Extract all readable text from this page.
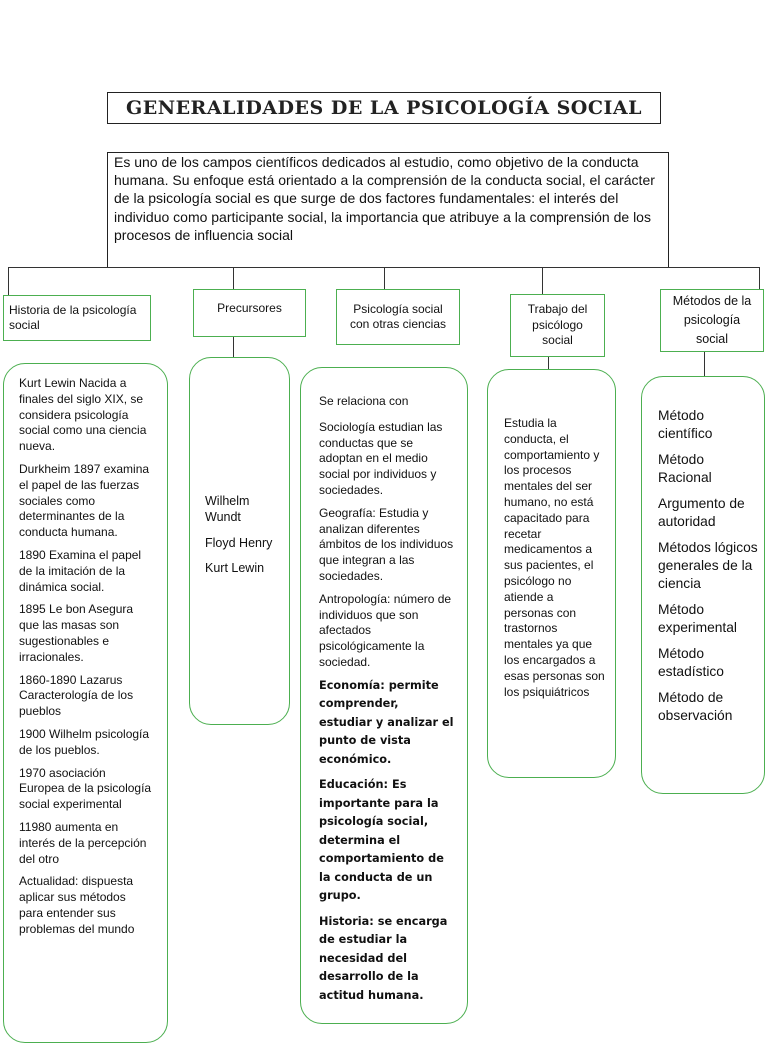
GENERALIDADES DE LA PSICOLOGÍA SOCIAL
Es uno de los campos científicos dedicados al estudio, como objetivo de la conducta humana. Su enfoque está orientado a la comprensión de la conducta social, el carácter de la psicología social es que surge de dos factores fundamentales: el interés del individuo como participante social, la importancia que atribuye a la comprensión de los procesos de influencia social
Historia de la psicología social
Precursores	Psicología social con otras ciencias
Trabajo del psicólogo social
Métodos de la psicología social

Kurt Lewin Nacida a finales del siglo XIX, se considera psicología social como una ciencia nueva.

Durkheim 1897 examina el papel de las fuerzas sociales como determinantes de la conducta humana.

1890 Examina el papel de la imitación de la dinámica social.

1895 Le bon Asegura que las masas son sugestionables e irracionales.

1860-1890 Lazarus Caracterología de los pueblos

1900 Wilhelm psicología de los pueblos.

1970 asociación Europea de la psicología social experimental

11980 aumenta en interés de la percepción del otro

Actualidad: dispuesta aplicar sus métodos para entender sus problemas del mundo

Wilhelm Wundt

Floyd Henry

Kurt Lewin

Se relaciona con

Sociología estudian las conductas que se adoptan en el medio social por individuos y sociedades.

Geografía: Estudia y analizan diferentes ámbitos de los individuos que integran a las sociedades.

Antropología: número de individuos que son afectados psicológicamente la sociedad.

Economía: permite comprender, estudiar y analizar el punto de vista económico.

Educación: Es importante para la psicología social, determina el comportamiento de la conducta de un grupo.

Historia: se encarga de estudiar la necesidad del desarrollo de la actitud humana.

Estudia la conducta, el comportamiento y los procesos mentales del ser humano, no está capacitado para recetar medicamentos a sus pacientes, el psicólogo no atiende a personas con trastornos mentales ya que los encargados a esas personas son los psiquiátricos

Método científico

Método Racional

Argumento de autoridad

Métodos lógicos generales de la ciencia

Método experimental

Método estadístico

Método de observación
